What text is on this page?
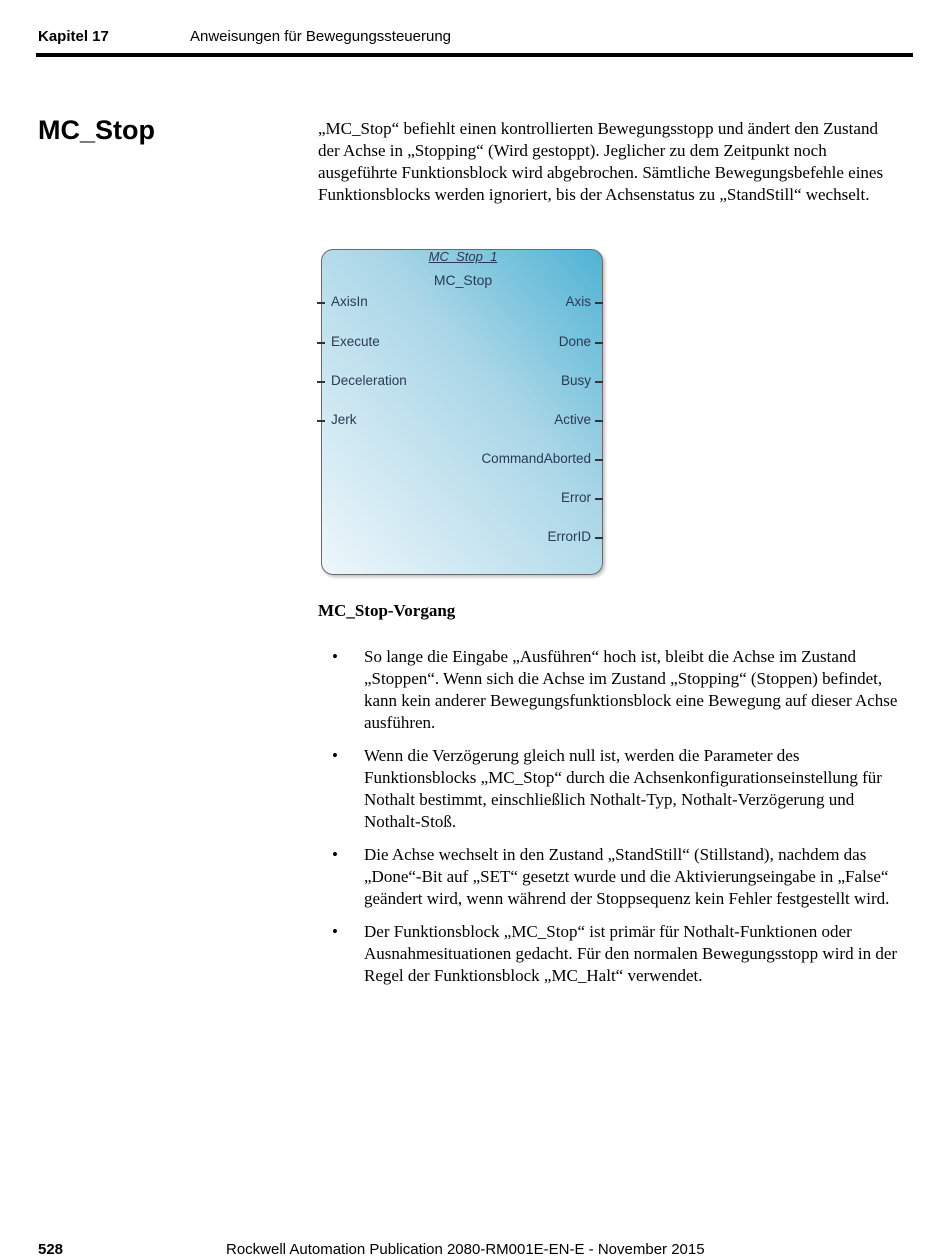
Kapitel 17	Anweisungen für Bewegungssteuerung
MC_Stop	„MC_Stop“ befiehlt einen kontrollierten Bewegungsstopp und ändert den Zustand der Achse in „Stopping“ (Wird gestoppt). Jeglicher zu dem Zeitpunkt noch ausgeführte Funktionsblock wird abgebrochen. Sämtliche Bewegungsbefehle eines Funktionsblocks werden ignoriert, bis der Achsenstatus zu „StandStill“ wechselt.

MC_Stop_1
MC_Stop
AxisIn
Execute
Deceleration
Jerk
Axis
Done
Busy
Active
CommandAborted
Error
ErrorID
MC_Stop-Vorgang
• So lange die Eingabe „Ausführen“ hoch ist, bleibt die Achse im Zustand „Stoppen“. Wenn sich die Achse im Zustand „Stopping“ (Stoppen) befindet, kann kein anderer Bewegungsfunktionsblock eine Bewegung auf dieser Achse ausführen.
• Wenn die Verzögerung gleich null ist, werden die Parameter des Funktionsblocks „MC_Stop“ durch die Achsenkonfigurationseinstellung für Nothalt bestimmt, einschließlich Nothalt-Typ, Nothalt-Verzögerung und Nothalt-Stoß.
• Die Achse wechselt in den Zustand „StandStill“ (Stillstand), nachdem das „Done“-Bit auf „SET“ gesetzt wurde und die Aktivierungseingabe in „False“ geändert wird, wenn während der Stoppsequenz kein Fehler festgestellt wird.
• Der Funktionsblock „MC_Stop“ ist primär für Nothalt-Funktionen oder Ausnahmesituationen gedacht. Für den normalen Bewegungsstopp wird in der Regel der Funktionsblock „MC_Halt“ verwendet.
528	Rockwell Automation Publication 2080-RM001E-EN-E - November 2015
